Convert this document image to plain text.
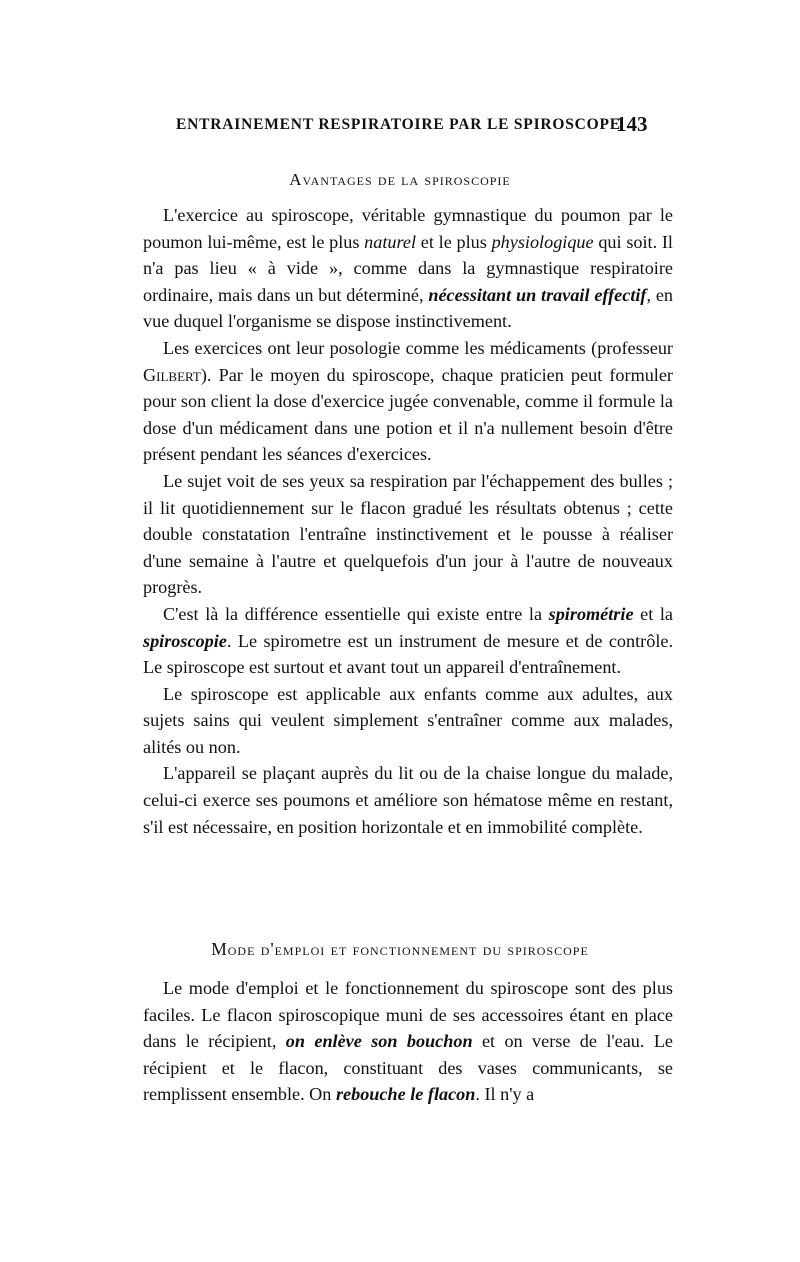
ENTRAINEMENT RESPIRATOIRE PAR LE SPIROSCOPE
143
Avantages de la spiroscopie

L'exercice au spiroscope, véritable gymnastique du poumon par le poumon lui-même, est le plus naturel et le plus physiologique qui soit. Il n'a pas lieu « à vide », comme dans la gymnastique respiratoire ordinaire, mais dans un but déterminé, nécessitant un travail effectif, en vue duquel l'organisme se dispose instinctivement.

Les exercices ont leur posologie comme les médicaments (professeur Gilbert). Par le moyen du spiroscope, chaque praticien peut formuler pour son client la dose d'exercice jugée convenable, comme il formule la dose d'un médicament dans une potion et il n'a nullement besoin d'être présent pendant les séances d'exercices.

Le sujet voit de ses yeux sa respiration par l'échappement des bulles ; il lit quotidiennement sur le flacon gradué les résultats obtenus ; cette double constatation l'entraîne instinctivement et le pousse à réaliser d'une semaine à l'autre et quelquefois d'un jour à l'autre de nouveaux progrès.

C'est là la différence essentielle qui existe entre la spirométrie et la spiroscopie. Le spirometre est un instrument de mesure et de contrôle. Le spiroscope est surtout et avant tout un appareil d'entraînement.

Le spiroscope est applicable aux enfants comme aux adultes, aux sujets sains qui veulent simplement s'entraîner comme aux malades, alités ou non.

L'appareil se plaçant auprès du lit ou de la chaise longue du malade, celui-ci exerce ses poumons et améliore son hématose même en restant, s'il est nécessaire, en position horizontale et en immobilité complète.

Mode d'emploi et fonctionnement du spiroscope

Le mode d'emploi et le fonctionnement du spiroscope sont des plus faciles. Le flacon spiroscopique muni de ses accessoires étant en place dans le récipient, on enlève son bouchon et on verse de l'eau. Le récipient et le flacon, constituant des vases communicants, se remplissent ensemble. On rebouche le flacon. Il n'y a
